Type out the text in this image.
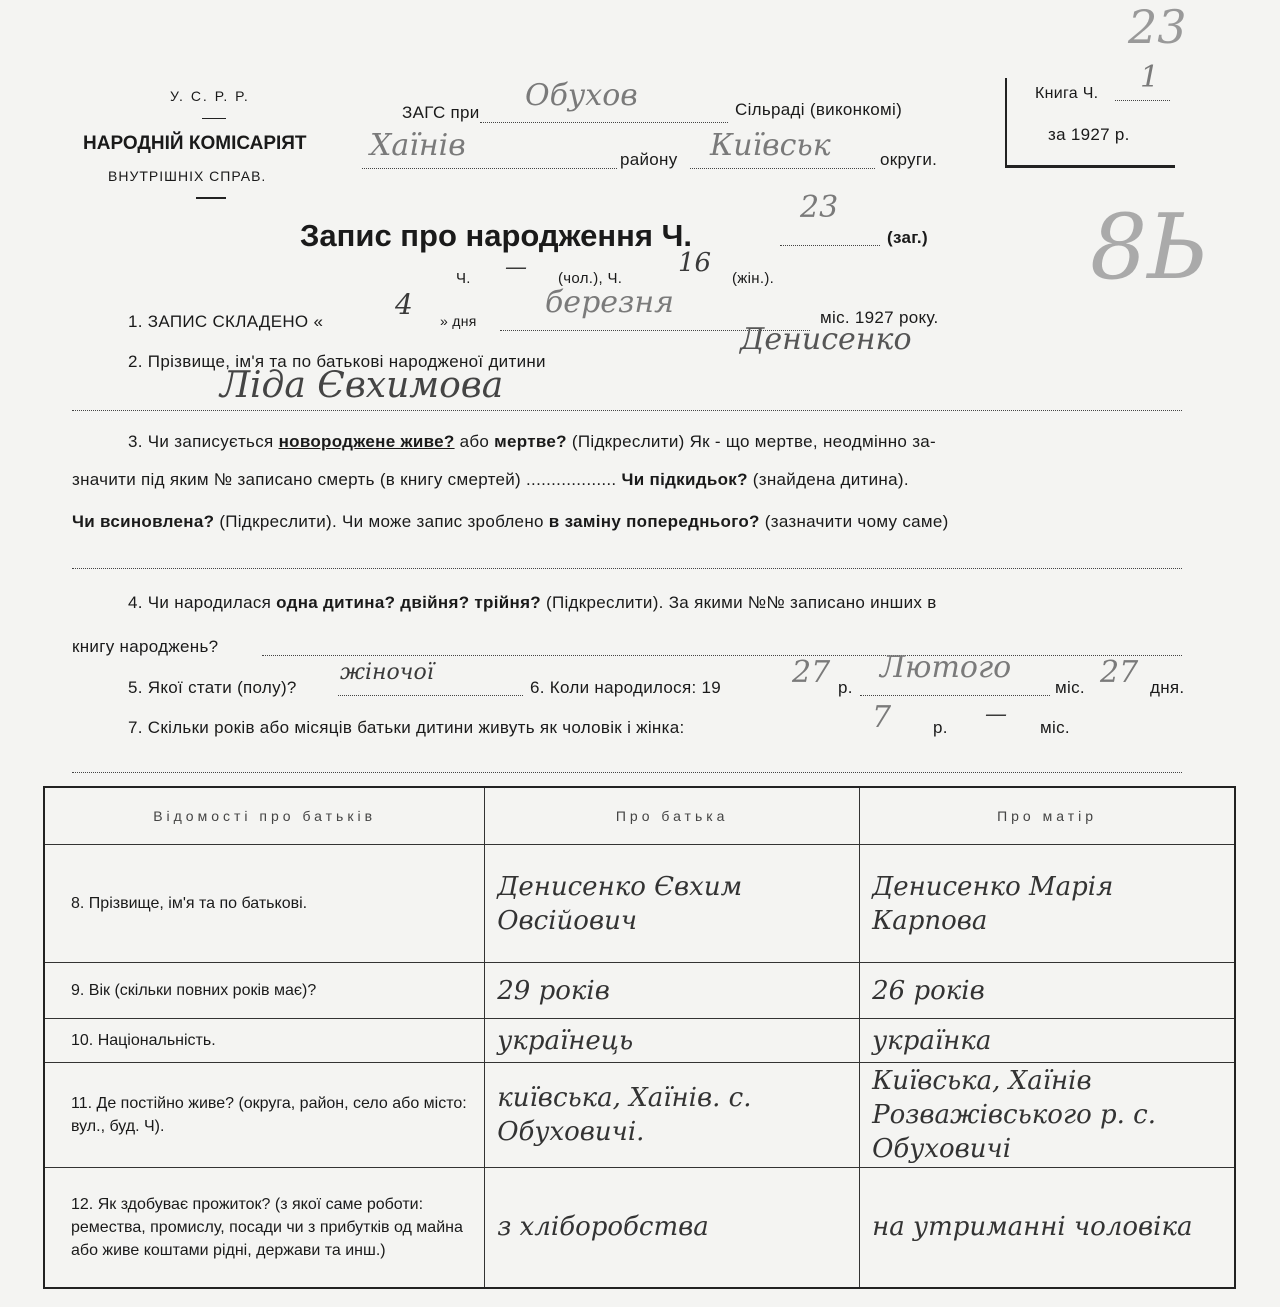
У. С. Р. Р.
НАРОДНІЙ КОМІСАРІЯТ
ВНУТРІШНІХ СПРАВ.
ЗАГС при Обухов	Сільраді (виконкомі)
Хаїнів	району Київськ	округи.
Книга Ч. 1
за 1927 р.
23
8Ь
Запис про народження Ч.
23
(заг.)
Ч. — (чол.), Ч.
16
(жін.).
1. ЗАПИС СКЛАДЕНО «
4 » дня
березня	міс. 1927 року.
2. Прізвище, ім'я та по батькові народженої дитини
Денисенко
Ліда Євхимова
3. Чи записується новороджене живе? або мертве? (Підкреслити) Як - що мертве, неодмінно за-
значити під яким № записано смерть (в книгу смертей) .................. Чи підкидьок? (знайдена дитина).
Чи всиновлена? (Підкреслити). Чи може запис зроблено в заміну попереднього? (зазначити чому саме)
4. Чи народилася одна дитина? двійня? трійня? (Підкреслити). За якими №№ записано инших в
книгу народжень?
5. Якої стати (полу)?
жіночої
6. Коли народилося: 19 27 р.
Лютого
міс. 27 дня.
7. Скільки років або місяців батьки дитини живуть як чоловік і жінка:	7 р.
—
міс.
Відомості про батьків	Про батька	Про матір
8. Прізвище, ім'я та по батькові.	Денисенко Євхим Овсійович	Денисенко Марія Карпова
9. Вік (скільки повних років має)?	29 років	26 років
10. Національність.	українець	українка
11. Де постійно живе? (округа, район, село або місто: вул., буд. Ч).	київська, Хаїнів. с. Обуховичі.	Київська, Хаїнів Розважівського р. с. Обуховичі
12. Як здобуває прожиток? (з якої саме роботи: ремества, промислу, посади чи з прибутків од майна або живе коштами рідні, держави та инш.)	з хліборобства	на утриманні чоловіка
